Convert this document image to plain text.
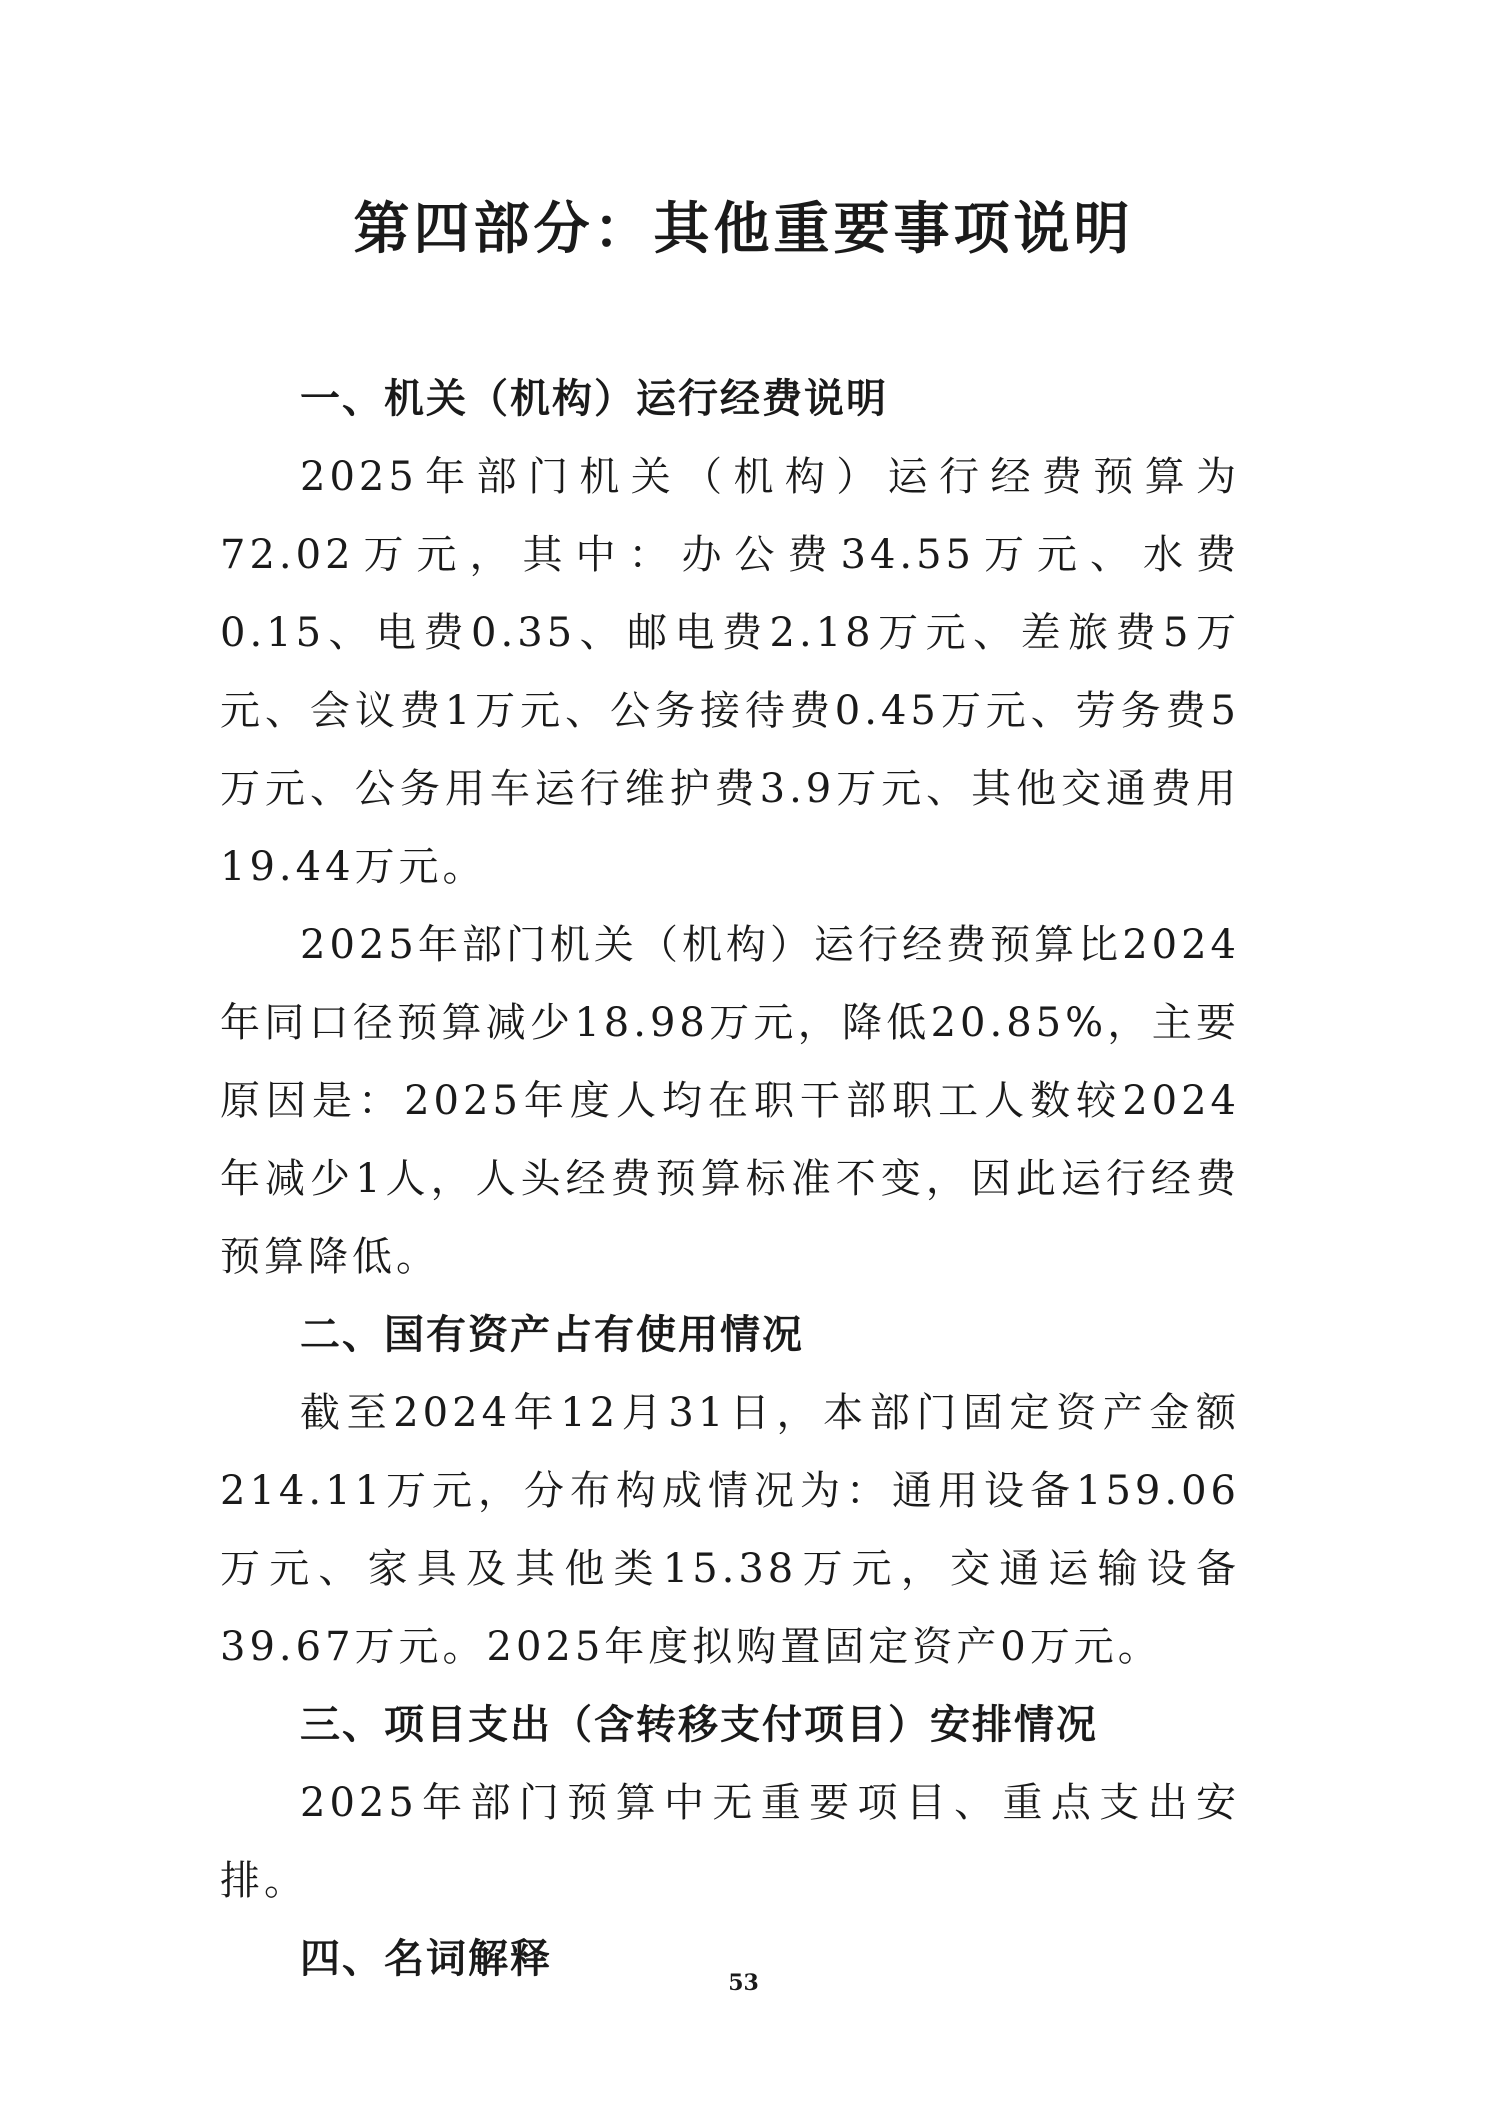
第四部分：其他重要事项说明

一、机关（机构）运行经费说明

2025年部门机关（机构）运行经费预算为72.02万元，其中：办公费34.55万元、水费0.15、电费0.35、邮电费2.18万元、差旅费5万元、会议费1万元、公务接待费0.45万元、劳务费5万元、公务用车运行维护费3.9万元、其他交通费用19.44万元。

2025年部门机关（机构）运行经费预算比2024年同口径预算减少18.98万元，降低20.85%，主要原因是：2025年度人均在职干部职工人数较2024年减少1人，人头经费预算标准不变，因此运行经费预算降低。

二、国有资产占有使用情况

截至2024年12月31日，本部门固定资产金额214.11万元，分布构成情况为：通用设备159.06万元、家具及其他类15.38万元，交通运输设备39.67万元。2025年度拟购置固定资产0万元。

三、项目支出（含转移支付项目）安排情况

2025年部门预算中无重要项目、重点支出安排。

四、名词解释

53
